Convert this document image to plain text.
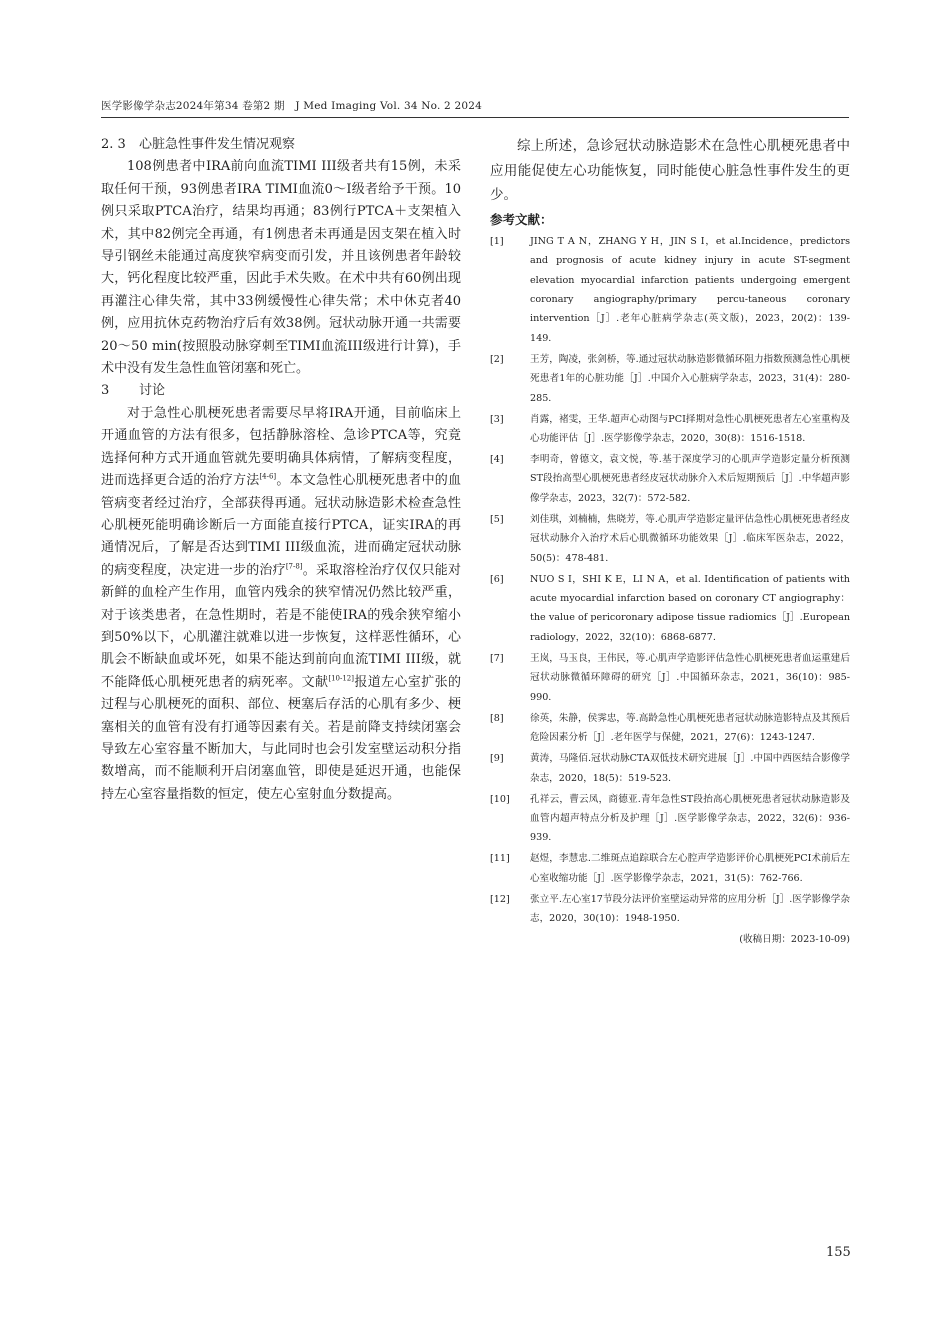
医学影像学杂志2024年第34 卷第2 期　J Med Imaging Vol. 34 No. 2 2024

2. 3 心脏急性事件发生情况观察

108例患者中IRA前向血流TIMI III级者共有15例，未采取任何干预，93例患者IRA TIMI血流0～I级者给予干预。10例只采取PTCA治疗，结果均再通；83例行PTCA＋支架植入术，其中82例完全再通，有1例患者未再通是因支架在植入时导引钢丝未能通过高度狭窄病变而引发，并且该例患者年龄较大，钙化程度比较严重，因此手术失败。在术中共有60例出现再灌注心律失常，其中33例缓慢性心律失常；术中休克者40例，应用抗休克药物治疗后有效38例。冠状动脉开通一共需要20～50 min(按照股动脉穿刺至TIMI血流III级进行计算)，手术中没有发生急性血管闭塞和死亡。

3 讨论

对于急性心肌梗死患者需要尽早将IRA开通，目前临床上开通血管的方法有很多，包括静脉溶栓、急诊PTCA等，究竟选择何种方式开通血管就先要明确具体病情，了解病变程度，进而选择更合适的治疗方法[4-6]。本文急性心肌梗死患者中的血管病变者经过治疗，全部获得再通。冠状动脉造影术检查急性心肌梗死能明确诊断后一方面能直接行PTCA，证实IRA的再通情况后，了解是否达到TIMI III级血流，进而确定冠状动脉的病变程度，决定进一步的治疗[7-8]。采取溶栓治疗仅仅只能对新鲜的血栓产生作用，血管内残余的狭窄情况仍然比较严重，对于该类患者，在急性期时，若是不能使IRA的残余狭窄缩小到50%以下，心肌灌注就难以进一步恢复，这样恶性循环，心肌会不断缺血或坏死，如果不能达到前向血流TIMI III级，就不能降低心肌梗死患者的病死率。文献[10-12]报道左心室扩张的过程与心肌梗死的面积、部位、梗塞后存活的心肌有多少、梗塞相关的血管有没有打通等因素有关。若是前降支持续闭塞会导致左心室容量不断加大，与此同时也会引发室壁运动积分指数增高，而不能顺利开启闭塞血管，即使是延迟开通，也能保持左心室容量指数的恒定，使左心室射血分数提高。

综上所述，急诊冠状动脉造影术在急性心肌梗死患者中应用能促使左心功能恢复，同时能使心脏急性事件发生的更少。

参考文献：

[1]	JING T A N，ZHANG Y H，JIN S I，et al.Incidence，predictors and prognosis of acute kidney injury in acute ST-segment elevation myocardial infarction patients undergoing emergent coronary angiography/primary percu-taneous coronary intervention［J］.老年心脏病学杂志(英文版)，2023，20(2)：139-149.
[2]	王芳，陶凌，张剑桥，等.通过冠状动脉造影微循环阻力指数预测急性心肌梗死患者1年的心脏功能［J］.中国介入心脏病学杂志，2023，31(4)：280-285.
[3]	肖露，褚雯，王华.超声心动图与PCI择期对急性心肌梗死患者左心室重构及心功能评估［J］.医学影像学杂志，2020，30(8)：1516-1518.
[4]	李明奇，曾德文，袁文悦，等.基于深度学习的心肌声学造影定量分析预测ST段抬高型心肌梗死患者经皮冠状动脉介入术后短期预后［J］.中华超声影像学杂志，2023，32(7)：572-582.
[5]	刘佳琪，刘楠楠，焦晓芳，等.心肌声学造影定量评估急性心肌梗死患者经皮冠状动脉介入治疗术后心肌微循环功能效果［J］.临床军医杂志，2022，50(5)：478-481.
[6]	NUO S I，SHI K E，LI N A，et al. Identification of patients with acute myocardial infarction based on coronary CT angiography：the value of pericoronary adipose tissue radiomics［J］.European radiology，2022，32(10)：6868-6877.
[7]	王岚，马玉良，王伟民，等.心肌声学造影评估急性心肌梗死患者血运重建后冠状动脉微循环障碍的研究［J］.中国循环杂志，2021，36(10)：985-990.
[8]	徐英，朱静，侯霁忠，等.高龄急性心肌梗死患者冠状动脉造影特点及其预后危险因素分析［J］.老年医学与保健，2021，27(6)：1243-1247.
[9]	黄涛，马隆佰.冠状动脉CTA双低技术研究进展［J］.中国中西医结合影像学杂志，2020，18(5)：519-523.
[10]	孔祥云，曹云凤，商德亚.青年急性ST段抬高心肌梗死患者冠状动脉造影及血管内超声特点分析及护理［J］.医学影像学杂志，2022，32(6)：936-939.
[11]	赵煜，李慧忠.二维斑点追踪联合左心腔声学造影评价心肌梗死PCI术前后左心室收缩功能［J］.医学影像学杂志，2021，31(5)：762-766.
[12]	张立平.左心室17节段分法评价室壁运动异常的应用分析［J］.医学影像学杂志，2020，30(10)：1948-1950.
(收稿日期：2023-10-09)
155
